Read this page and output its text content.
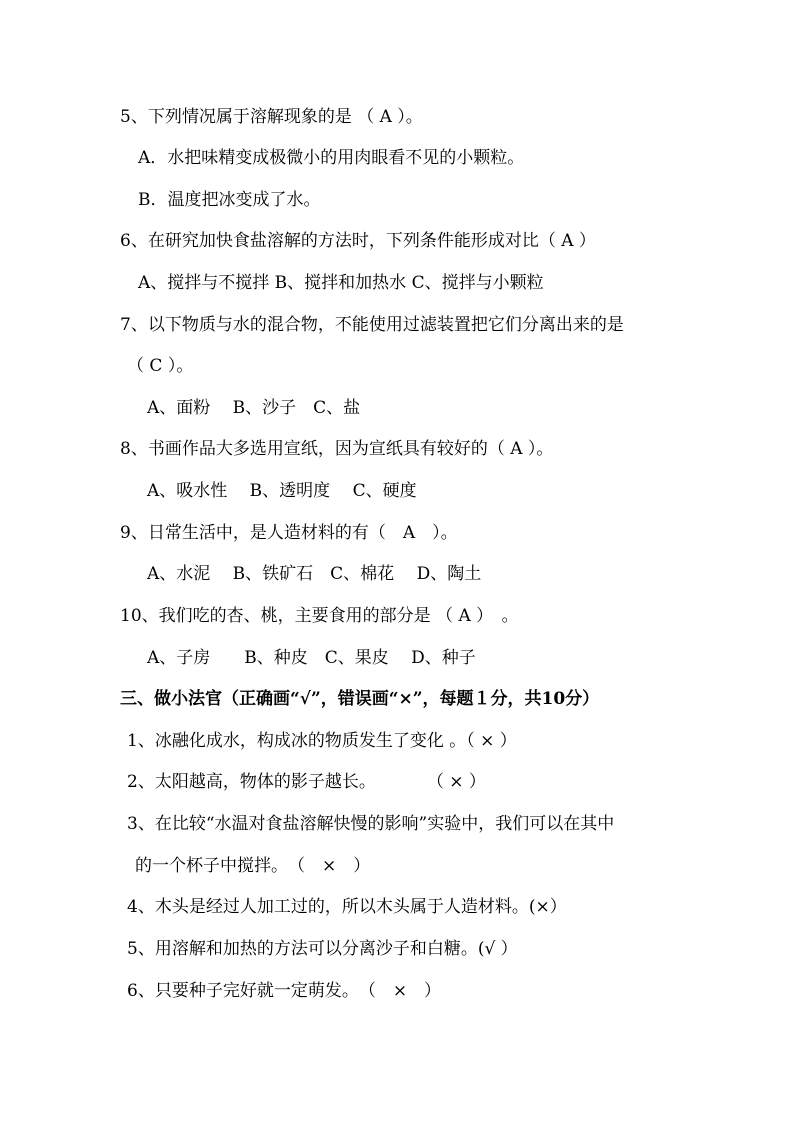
5、下列情况属于溶解现象的是 （ A ）。
A．水把味精变成极微小的用肉眼看不见的小颗粒。
B．温度把冰变成了水。
6、在研究加快食盐溶解的方法时，下列条件能形成对比（ A ）
A、搅拌与不搅拌 B、搅拌和加热水 C、搅拌与小颗粒
7、以下物质与水的混合物，不能使用过滤装置把它们分离出来的是
（ C ）。
A、面粉　 B、沙子　C、盐
8、书画作品大多选用宣纸，因为宣纸具有较好的（ A ）。
A、吸水性　 B、透明度　 C、硬度
9、日常生活中，是人造材料的有（　A　）。
A、水泥　 B、铁矿石　C、棉花　 D、陶土
10、我们吃的杏、桃，主要食用的部分是 （ A ）　。
A、子房　　B、种皮　C、果皮　 D、种子
三、做小法官（正确画“√”，错误画“×”，每题１分，共10分）
1、冰融化成水，构成冰的物质发生了变化 。（ × ）
2、太阳越高，物体的影子越长。　　　　（ × ）
3、在比较“水温对食盐溶解快慢的影响”实验中，我们可以在其中
的一个杯子中搅拌。　（　×　）
4、木头是经过人加工过的，所以木头属于人造材料。(×）
5、用溶解和加热的方法可以分离沙子和白糖。(√ ）
6、只要种子完好就一定萌发。　（　×　）
